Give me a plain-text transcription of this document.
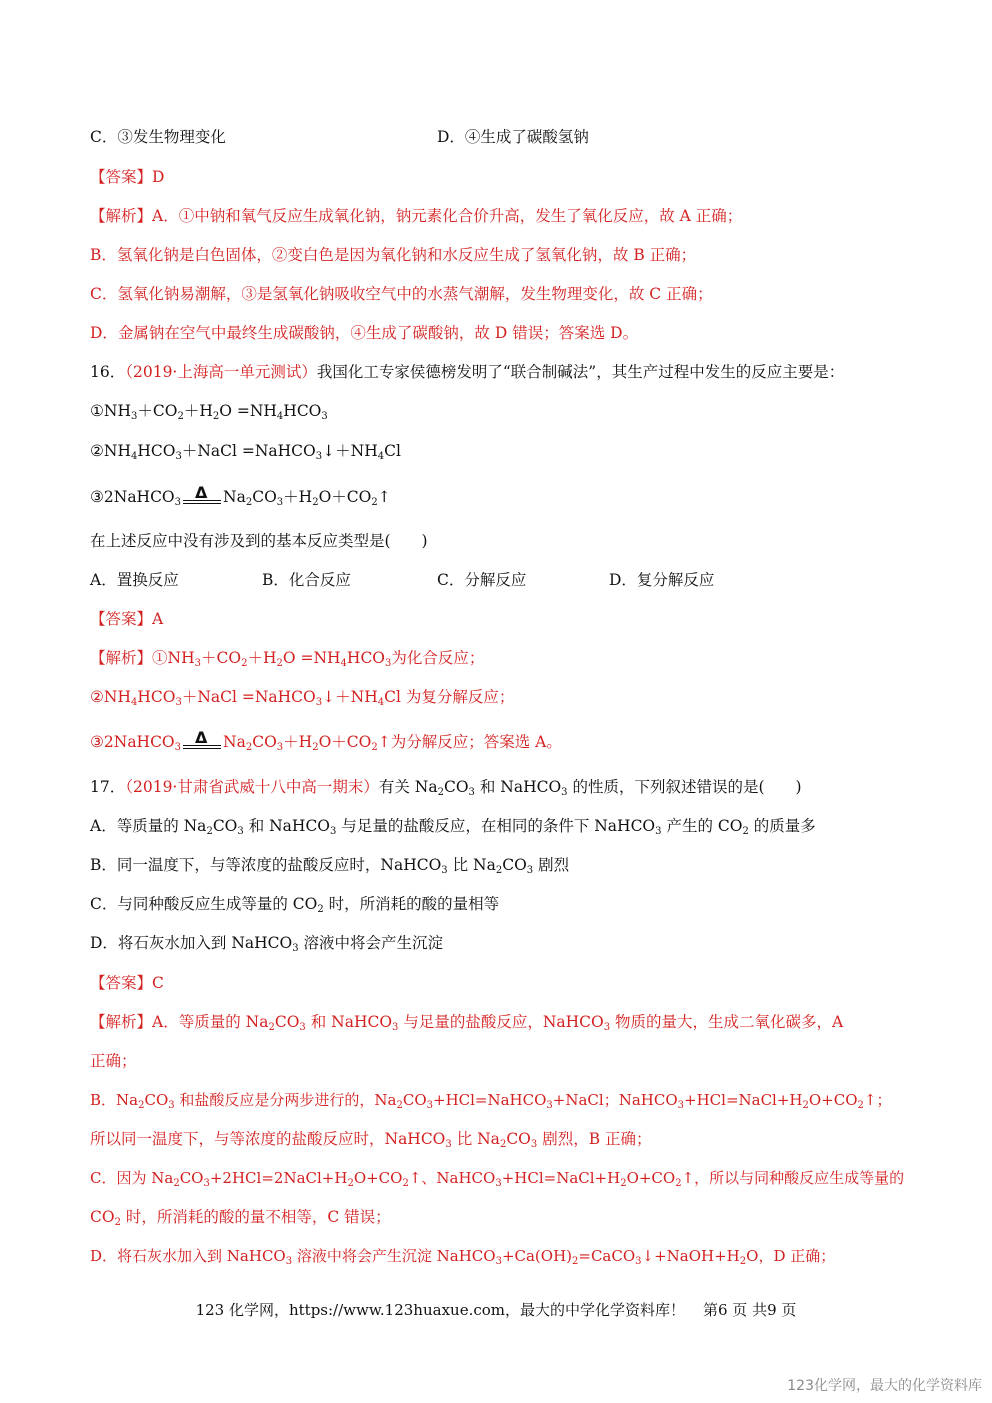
C．③发生物理变化	D．④生成了碳酸氢钠
【答案】D
【解析】A．①中钠和氧气反应生成氧化钠，钠元素化合价升高，发生了氧化反应，故 A 正确；
B．氢氧化钠是白色固体，②变白色是因为氧化钠和水反应生成了氢氧化钠，故 B 正确；
C．氢氧化钠易潮解，③是氢氧化钠吸收空气中的水蒸气潮解，发生物理变化，故 C 正确；
D．金属钠在空气中最终生成碳酸钠，④生成了碳酸钠，故 D 错误；答案选 D。
16．（2019·上海高一单元测试）我国化工专家侯德榜发明了“联合制碱法”，其生产过程中发生的反应主要是：
$①NH_3+CO_2+H_2O =NH_4HCO_3$
$②NH_4HCO_3+NaCl$ $=NaHCO_3↓+NH_4Cl$
③2NaHCO$_3$
Δ $Na_2CO_3+H_2O+CO_2↑$
在上述反应中没有涉及到的基本反应类型是(　　)
A．置换反应	B．化合反应	C．分解反应	D．复分解反应
【答案】A
【解析】$①NH_3+CO_2+H_2O =NH_4HCO_3$为化合反应；
$②NH_4HCO_3+NaCl$ $=NaHCO_3↓+NH_4Cl$ 为复分解反应；
③2NaHCO$_3$
Δ $Na_2CO_3+H_2O+CO_2↑$为分解反应；答案选 A。
17．（2019·甘肃省武威十八中高一期末）有关 $Na_2CO_3$ 和 NaHCO$_3$ 的性质，下列叙述错误的是(　　)
A．等质量的 $Na_2CO_3$ 和 NaHCO$_3$ 与足量的盐酸反应，在相同的条件下 NaHCO$_3$ 产生的 $CO_2$ 的质量多
B．同一温度下，与等浓度的盐酸反应时，NaHCO$_3$ 比 $Na_2CO_3$ 剧烈
C．与同种酸反应生成等量的 $CO_2$ 时，所消耗的酸的量相等
D．将石灰水加入到 NaHCO$_3$ 溶液中将会产生沉淀
【答案】C
【解析】A．等质量的 $Na_2CO_3$ 和 NaHCO$_3$ 与足量的盐酸反应，NaHCO$_3$ 物质的量大，生成二氧化碳多，A
正确；
B．$Na_2CO_3$ 和盐酸反应是分两步进行的，$Na_2CO_3+HCl=NaHCO_3+NaCl$；$NaHCO_3+HCl=NaCl+H_2O+CO_2↑$；
所以同一温度下，与等浓度的盐酸反应时，NaHCO$_3$ 比 $Na_2CO_3$ 剧烈，B 正确；
C．因为 $Na_2CO_3+2HCl=2NaCl+H_2O+CO_2↑$、$NaHCO_3+HCl=NaCl+H_2O+CO_2↑$，所以与同种酸反应生成等量的
$CO_2$ 时，所消耗的酸的量不相等，C 错误；
D．将石灰水加入到 NaHCO$_3$ 溶液中将会产生沉淀 $NaHCO_3+Ca(OH)_2=CaCO_3↓+NaOH+H_2O$，D 正确；
123 化学网，https://www.123huaxue.com，最大的中学化学资料库！ 第6 页 共9 页
123化学网，最大的化学资料库
